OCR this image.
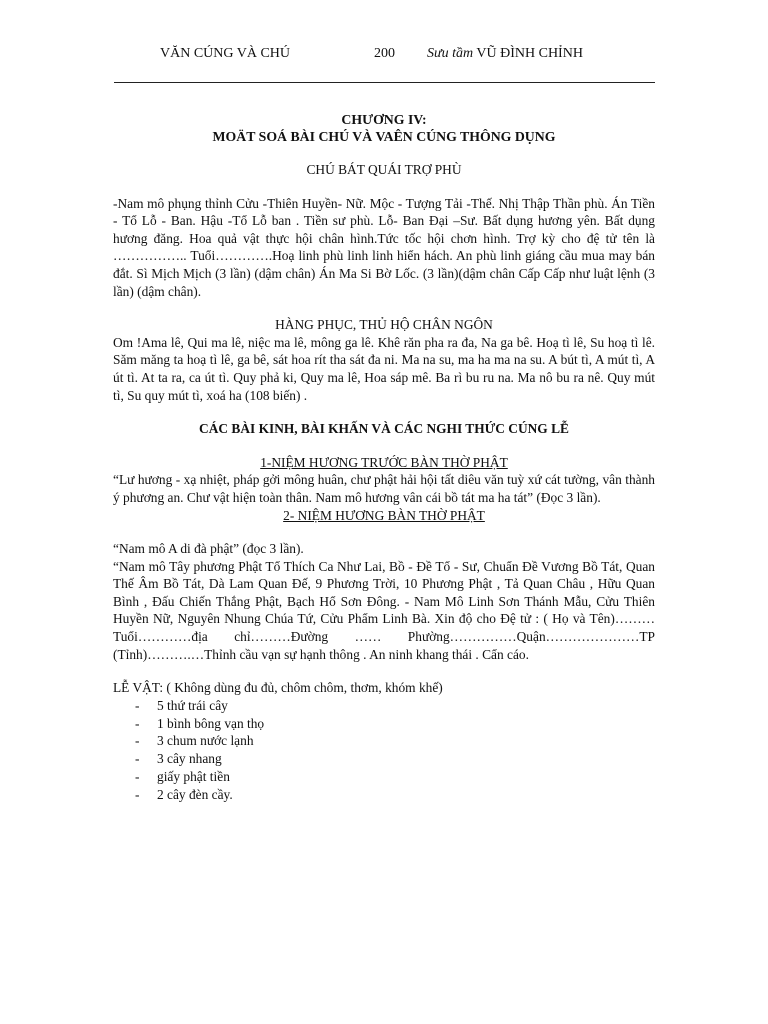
VĂN CÚNG VÀ CHÚ	200 Sưu tầm VŨ ĐÌNH CHỈNH
CHƯƠNG IV:
MOÄT SOÁ BÀI CHÚ VÀ VAÊN CÚNG THÔNG DỤNG

CHÚ BÁT QUÁI TRỢ PHÙ

-Nam mô phụng thỉnh Cửu -Thiên Huyền- Nữ. Mộc - Tượng Tải -Thế. Nhị Thập Thần phù. Án Tiền - Tổ Lỗ - Ban. Hậu -Tổ Lỗ ban . Tiền sư phù. Lỗ- Ban Đại –Sư. Bất dụng hương yên. Bất dụng hương đăng. Hoa quả vật thực hội chân hình.Tức tốc hội chơn hình. Trợ kỳ cho đệ tử tên là …………….. Tuổi………….Hoạ linh phù linh linh hiển hách. An phù linh giáng cầu mua may bán đắt. Sì Mịch Mịch (3 lần) (dậm chân) Án Ma Si Bờ Lốc. (3 lần)(dậm chân Cấp Cấp như luật lệnh (3 lần) (dậm chân).

HÀNG PHỤC, THỦ HỘ CHÂN NGÔN

Om !Ama lê, Qui ma lê, niệc ma lê, mông ga lê. Khê răn pha ra đa, Na ga bê. Hoạ tì lê, Su hoạ tì lê. Săm măng ta hoạ tì lê, ga bê, sát hoa rít tha sát đa ni. Ma na su, ma ha ma na su. A bút tì, A mút tì, A út tì. At ta ra, ca út tì. Quy phả ki, Quy ma lê, Hoa sáp mê. Ba rì bu ru na. Ma nô bu ra nê. Quy mút tì, Su quy mút tì, xoá ha (108 biến) .

CÁC BÀI KINH, BÀI KHẤN VÀ CÁC NGHI THỨC CÚNG LỄ

1-NIỆM HƯƠNG TRƯỚC BÀN THỜ PHẬT

“Lư hương - xạ nhiệt, pháp gởi mông huân, chư phật hải hội tất diêu văn tuỳ xứ cát tường, vân thành ý phương an. Chư vật hiện toàn thân. Nam mô hương vân cái bồ tát ma ha tát” (Đọc 3 lần).

2- NIỆM HƯƠNG BÀN THỜ PHẬT

“Nam mô A di đà phật” (đọc 3 lần).

“Nam mô Tây phương Phật Tổ Thích Ca Như Lai, Bồ - Đề Tổ - Sư, Chuẩn Đề Vương Bồ Tát, Quan Thế Âm Bồ Tát, Dà Lam Quan Đế, 9 Phương Trời, 10 Phương Phật , Tả Quan Châu , Hữu Quan Bình , Đấu Chiến Thắng Phật, Bạch Hổ Sơn Đông. - Nam Mô Linh Sơn Thánh Mẫu, Cửu Thiên Huyền Nữ, Nguyên Nhung Chúa Tứ, Cửu Phẩm Linh Bà. Xin độ cho Đệ tử : ( Họ và Tên)………Tuổi…………địa chỉ………Đường …… Phường……………Quận…………………TP (Tỉnh)……….…Thỉnh cầu vạn sự hạnh thông . An ninh khang thái . Cẩn cáo.

LỄ VẬT: ( Không dùng đu đủ, chôm chôm, thơm, khóm khế)

- 5 thứ trái cây
- 1 bình bông vạn thọ
- 3 chum nước lạnh
- 3 cây nhang
- giấy phật tiền
- 2 cây đèn cầy.
